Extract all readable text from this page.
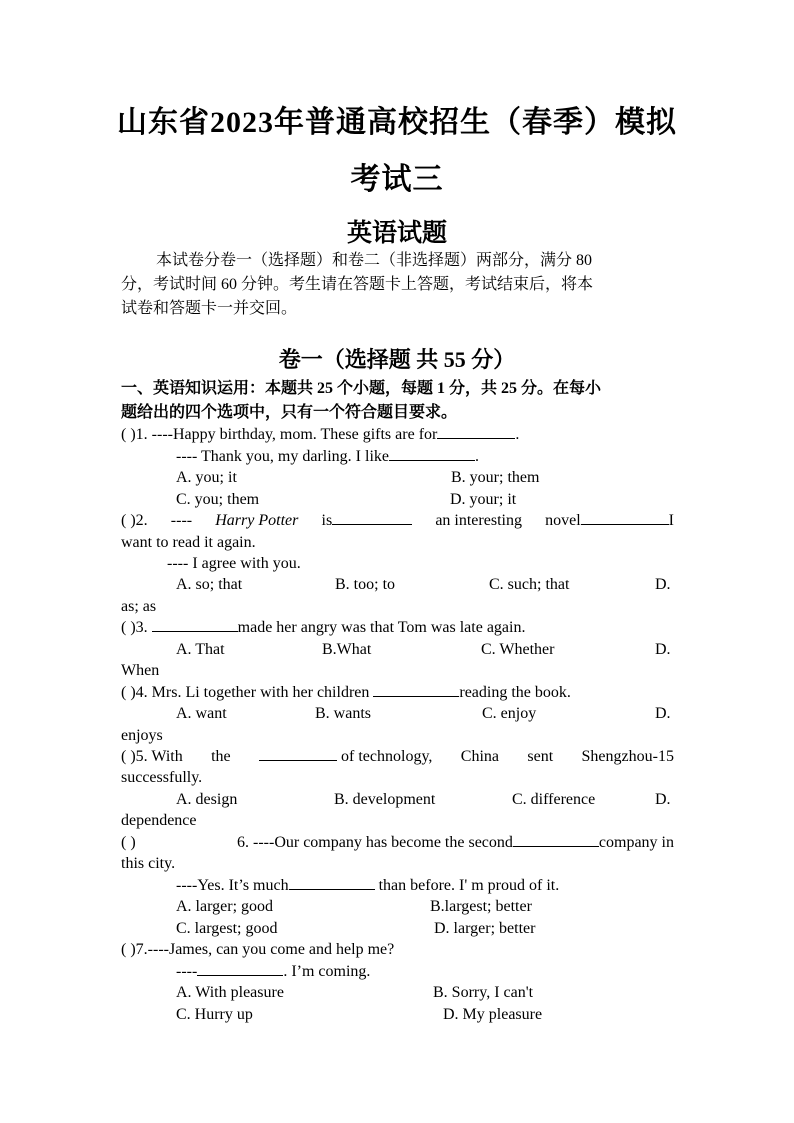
山东省2023年普通高校招生（春季）模拟
考试三
英语试题
本试卷分卷一（选择题）和卷二（非选择题）两部分，满分 80
分，考试时间 60 分钟。考生请在答题卡上答题，考试结束后，将本
试卷和答题卡一并交回。
卷一（选择题 共 55 分）
一、英语知识运用：本题共 25 个小题，每题 1 分，共 25 分。在每小
题给出的四个选项中，只有一个符合题目要求。
( )1. ----Happy birthday, mom. These gifts are for	.
---- Thank you, my darling. I like	.
A. you; it	B. your; them
C. you; them	D. your; it
( )2. ---- Harry Potter is	an interesting novel	I
want to read it again.
---- I agree with you.
A. so; that	B. too; to	C. such; that	D.
as; as
( )3.	made her angry was that Tom was late again.
A. That	B.What	C. Whether	D.
When
( )4. Mrs. Li together with her children	reading the book.
A. want	B. wants	C. enjoy	D.
enjoys
( )5. With the	of technology, China sent Shengzhou-15
successfully.
A. design	B. development	C. difference	D.
dependence
( )	6. ----Our company has become the second	company in
this city.
----Yes. It’s much	than before. I' m proud of it.
A. larger; good	B.largest; better
C. largest; good	D. larger; better
( )7.----James, can you come and help me?
----	. I’m coming.
A. With pleasure	B. Sorry, I can't
C. Hurry up	D. My pleasure
